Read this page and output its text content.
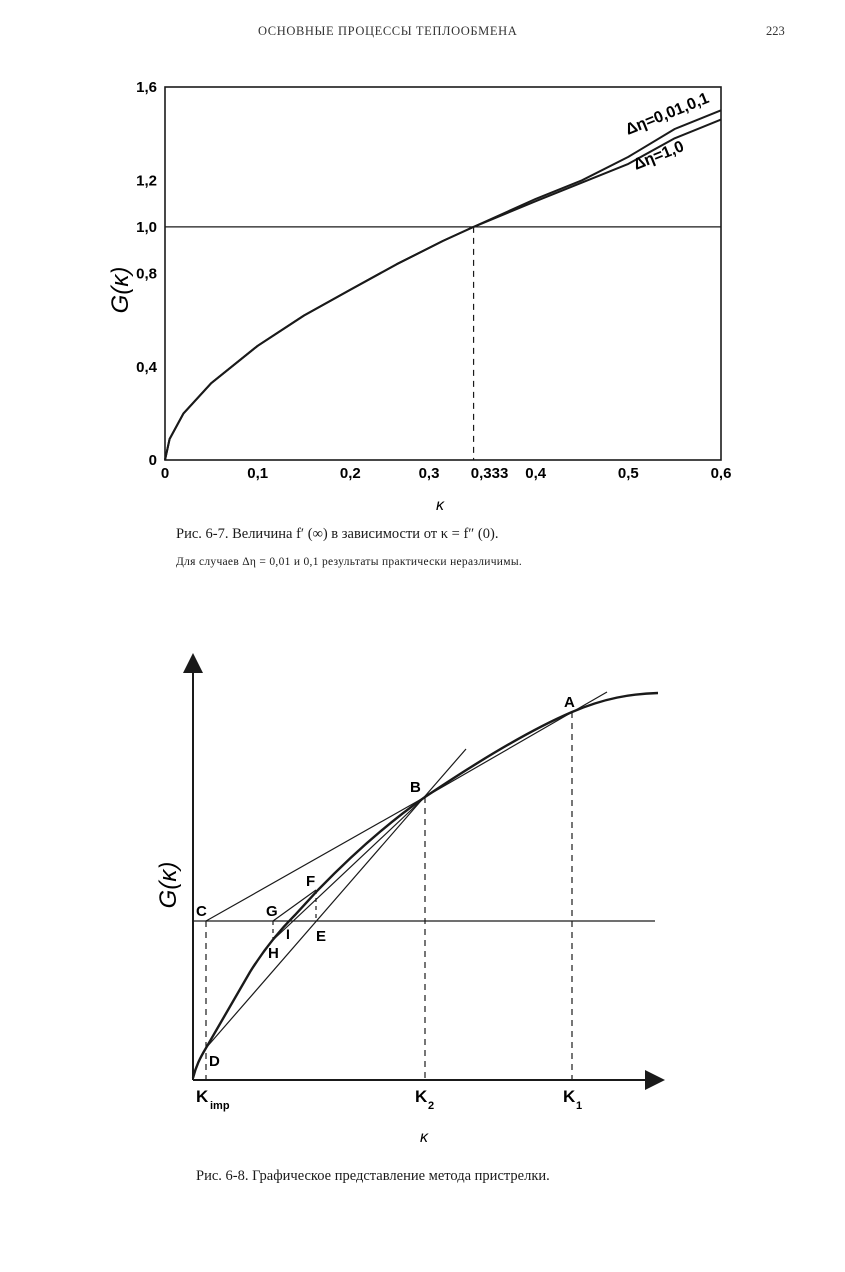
ОСНОВНЫЕ ПРОЦЕССЫ ТЕПЛООБМЕНА	223
G(κ)
κ
0
0,4
0,8
1,0
1,2
1,6
0	0,1	0,2	0,3 0,333 0,4	0,5	0,6
Δη=0,01,0,1
Δη=1,0
Рис. 6-7. Величина f′ (∞) в зависимости от κ = f″ (0).
Для случаев Δη = 0,01 и 0,1 результаты практически неразличимы.
A
B
C
D
E
F
G
H
I
K imp	K 2	K 1
G(κ)
κ
Рис. 6-8. Графическое представление метода пристрелки.
